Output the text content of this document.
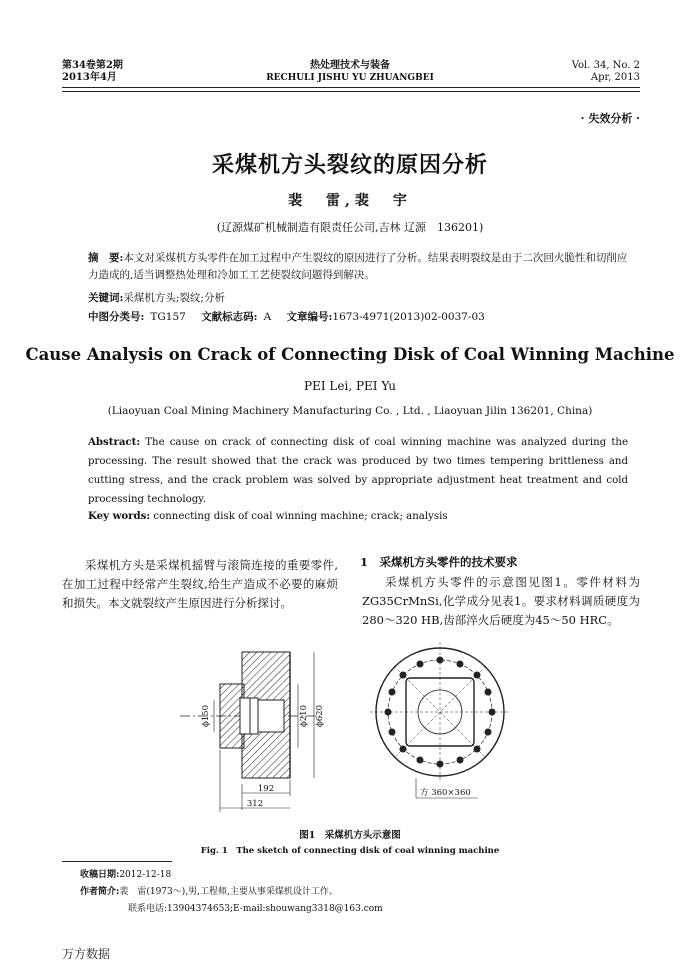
第34卷第2期
2013年4月
热处理技术与装备
RECHULI JISHU YU ZHUANGBEI
Vol. 34, No. 2
Apr, 2013
· 失效分析 ·
采煤机方头裂纹的原因分析
裴　雷,裴　宇
(辽源煤矿机械制造有限责任公司,吉林 辽源　136201)
摘　要:本文对采煤机方头零件在加工过程中产生裂纹的原因进行了分析。结果表明裂纹是由于二次回火脆性和切削应力造成的,适当调整热处理和冷加工工艺使裂纹问题得到解决。
关键词:采煤机方头;裂纹;分析
中图分类号: TG157 文献标志码: A 文章编号:1673-4971(2013)02-0037-03
Cause Analysis on Crack of Connecting Disk of Coal Winning Machine
PEI Lei, PEI Yu
(Liaoyuan Coal Mining Machinery Manufacturing Co. , Ltd. , Liaoyuan Jilin 136201, China)
Abstract: The cause on crack of connecting disk of coal winning machine was analyzed during the processing. The result showed that the crack was produced by two times tempering brittleness and cutting stress, and the crack problem was solved by appropriate adjustment heat treatment and cold processing technology.
Key words: connecting disk of coal winning machine; crack; analysis
采煤机方头是采煤机摇臂与滚筒连接的重要零件,在加工过程中经常产生裂纹,给生产造成不必要的麻烦和损失。本文就裂纹产生原因进行分析探讨。
1　采煤机方头零件的技术要求
采煤机方头零件的示意图见图1。零件材料为ZG35CrMnSi,化学成分见表1。要求材料调质硬度为280～320 HB,齿部淬火后硬度为45～50 HRC。
192
312
ϕ150	ϕ210 ϕ620
方 360×360
图1　采煤机方头示意图
Fig. 1　The sketch of connecting disk of coal winning machine
收稿日期:2012-12-18
作者简介:裴　雷(1973～),男,工程师,主要从事采煤机设计工作。
联系电话:13904374653;E-mail:shouwang3318@163.com
万方数据
